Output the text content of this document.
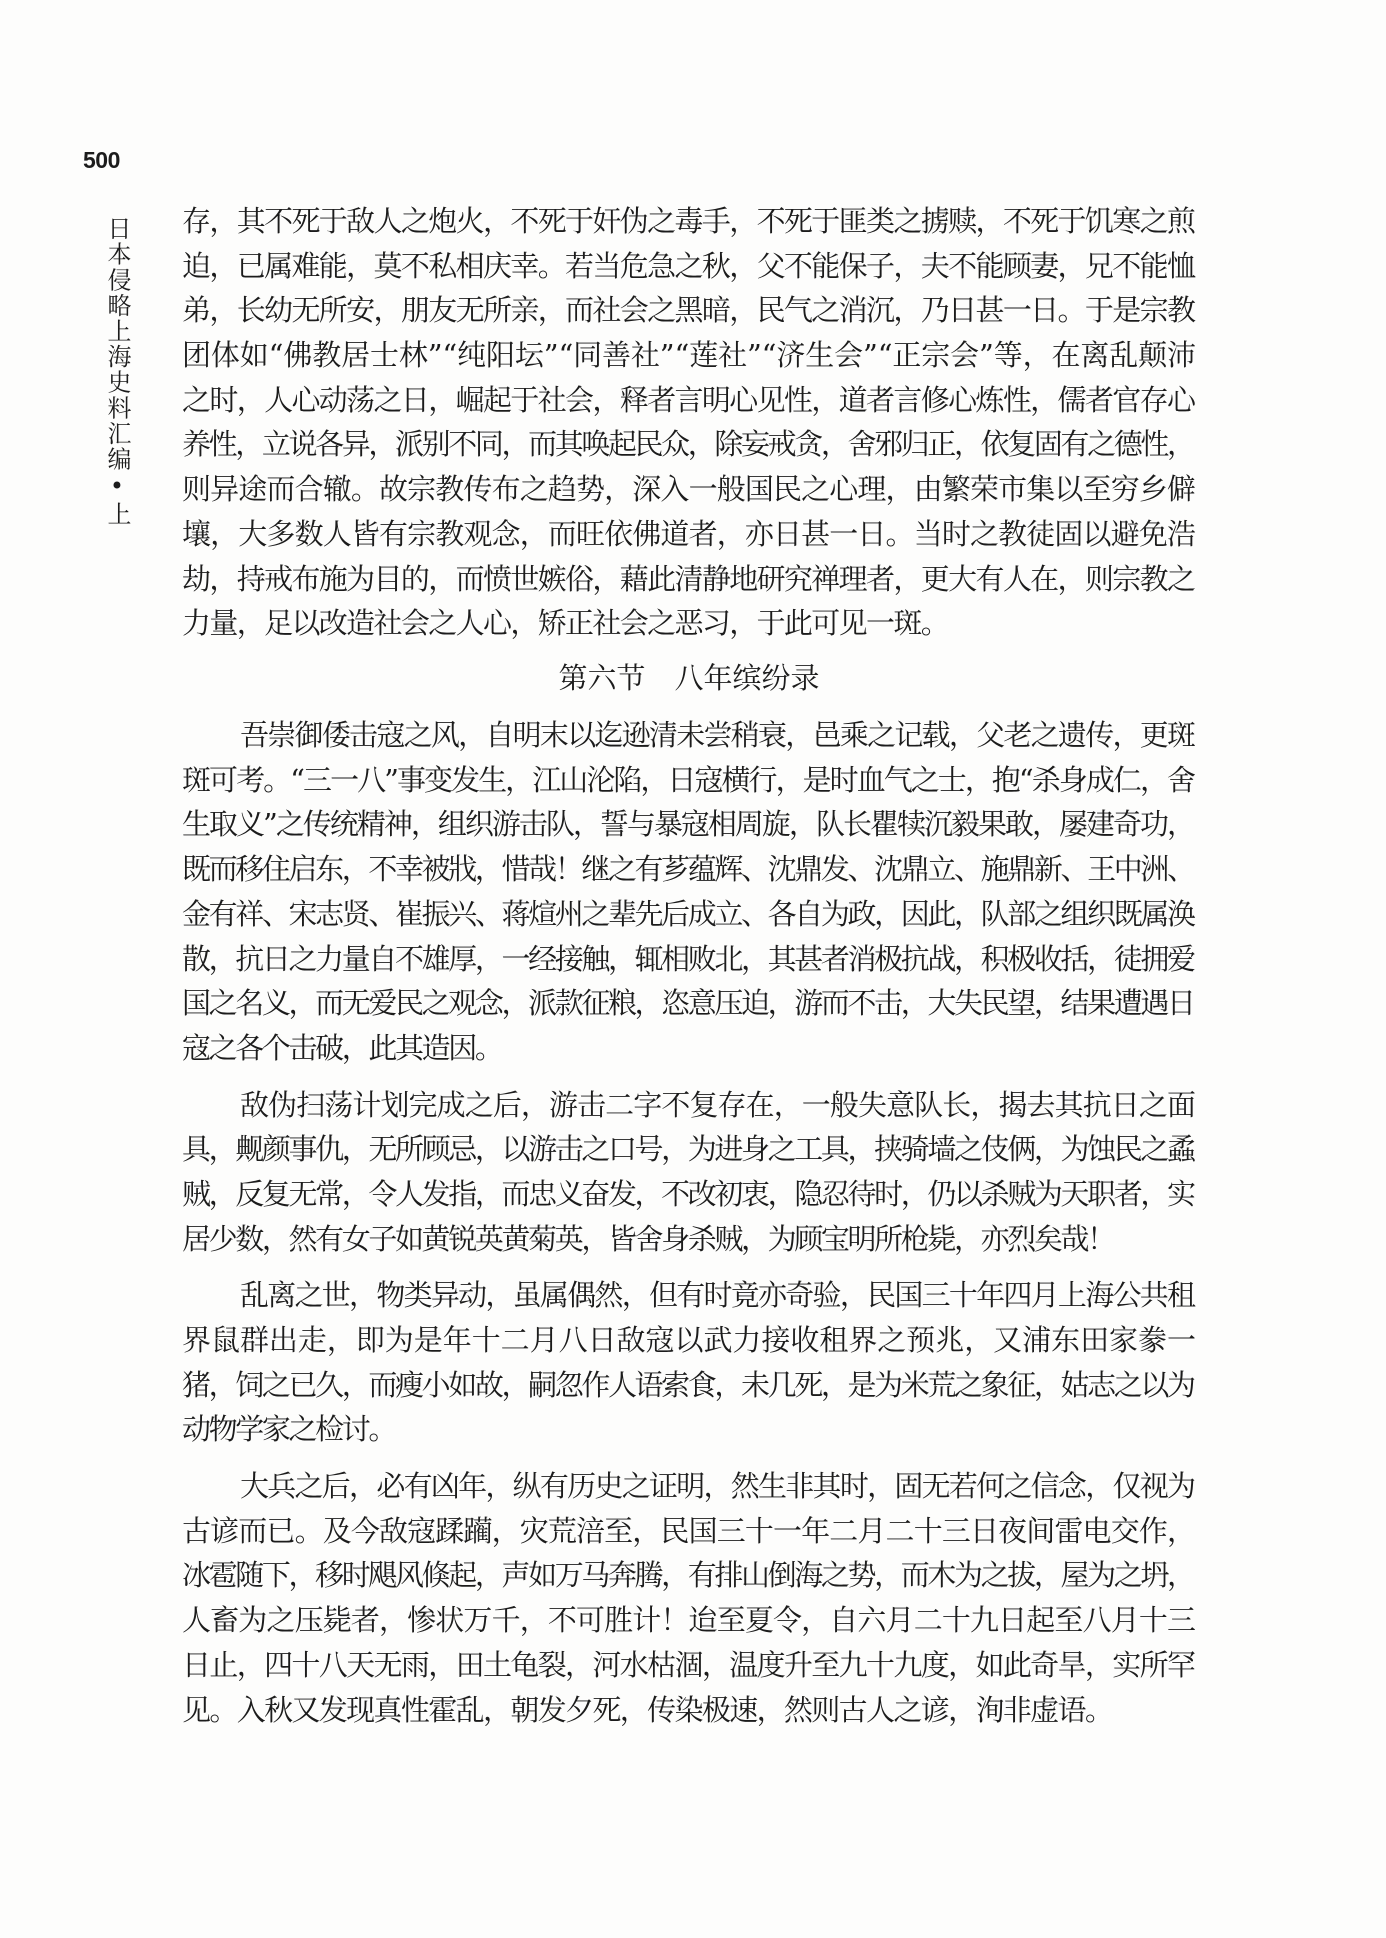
500
日本侵略上海史料汇编•上 存，其不死于敌人之炮火，不死于奸伪之毒手，不死于匪类之掳赎，不死于饥寒之煎
迫，已属难能，莫不私相庆幸。若当危急之秋，父不能保子，夫不能顾妻，兄不能恤
弟，长幼无所安，朋友无所亲，而社会之黑暗，民气之消沉，乃日甚一日。于是宗教
团体如“佛教居士林”“纯阳坛”“同善社”“莲社”“济生会”“正宗会”等，在离乱颠沛
之时，人心动荡之日，崛起于社会，释者言明心见性，道者言修心炼性，儒者官存心
养性，立说各异，派别不同，而其唤起民众，除妄戒贪，舍邪归正，依复固有之德性，
则异途而合辙。故宗教传布之趋势，深入一般国民之心理，由繁荣市集以至穷乡僻
壤，大多数人皆有宗教观念，而旺依佛道者，亦日甚一日。当时之教徒固以避免浩
劫，持戒布施为目的，而愤世嫉俗，藉此清静地研究禅理者，更大有人在，则宗教之
力量，足以改造社会之人心，矫正社会之恶习，于此可见一斑。
第六节　八年缤纷录
吾崇御倭击寇之风，自明末以迄逊清未尝稍衰，邑乘之记载，父老之遗传，更斑
斑可考。“三一八”事变发生，江山沦陷，日寇横行，是时血气之士，抱“杀身成仁，舍
生取义”之传统精神，组织游击队，誓与暴寇相周旋，队长瞿犊沉毅果敢，屡建奇功，
既而移住启东，不幸被戕，惜哉！继之有芗蕴辉、沈鼎发、沈鼎立、施鼎新、王中洲、
金有祥、宋志贤、崔振兴、蒋煊州之辈先后成立、各自为政，因此，队部之组织既属涣
散，抗日之力量自不雄厚，一经接触，辄相败北，其甚者消极抗战，积极收括，徒拥爱
国之名义，而无爱民之观念，派款征粮，恣意压迫，游而不击，大失民望，结果遭遇日
寇之各个击破，此其造因。
敌伪扫荡计划完成之后，游击二字不复存在，一般失意队长，揭去其抗日之面
具，觍颜事仇，无所顾忌，以游击之口号，为进身之工具，挟骑墙之伎俩，为蚀民之蟊
贼，反复无常，令人发指，而忠义奋发，不改初衷，隐忍待时，仍以杀贼为天职者，实
居少数，然有女子如黄锐英黄菊英，皆舍身杀贼，为顾宝明所枪毙，亦烈矣哉！
乱离之世，物类异动，虽属偶然，但有时竟亦奇验，民国三十年四月上海公共租
界鼠群出走，即为是年十二月八日敌寇以武力接收租界之预兆，又浦东田家豢一
猪，饲之已久，而瘦小如故，嗣忽作人语索食，未几死，是为米荒之象征，姑志之以为
动物学家之检讨。
大兵之后，必有凶年，纵有历史之证明，然生非其时，固无若何之信念，仅视为
古谚而已。及今敌寇蹂躏，灾荒涪至，民国三十一年二月二十三日夜间雷电交作，
冰雹随下，移时飓风倏起，声如万马奔腾，有排山倒海之势，而木为之拔，屋为之坍，
人畜为之压毙者，惨状万千，不可胜计！迨至夏令，自六月二十九日起至八月十三
日止，四十八天无雨，田土龟裂，河水枯涸，温度升至九十九度，如此奇旱，实所罕
见。入秋又发现真性霍乱，朝发夕死，传染极速，然则古人之谚，洵非虚语。
